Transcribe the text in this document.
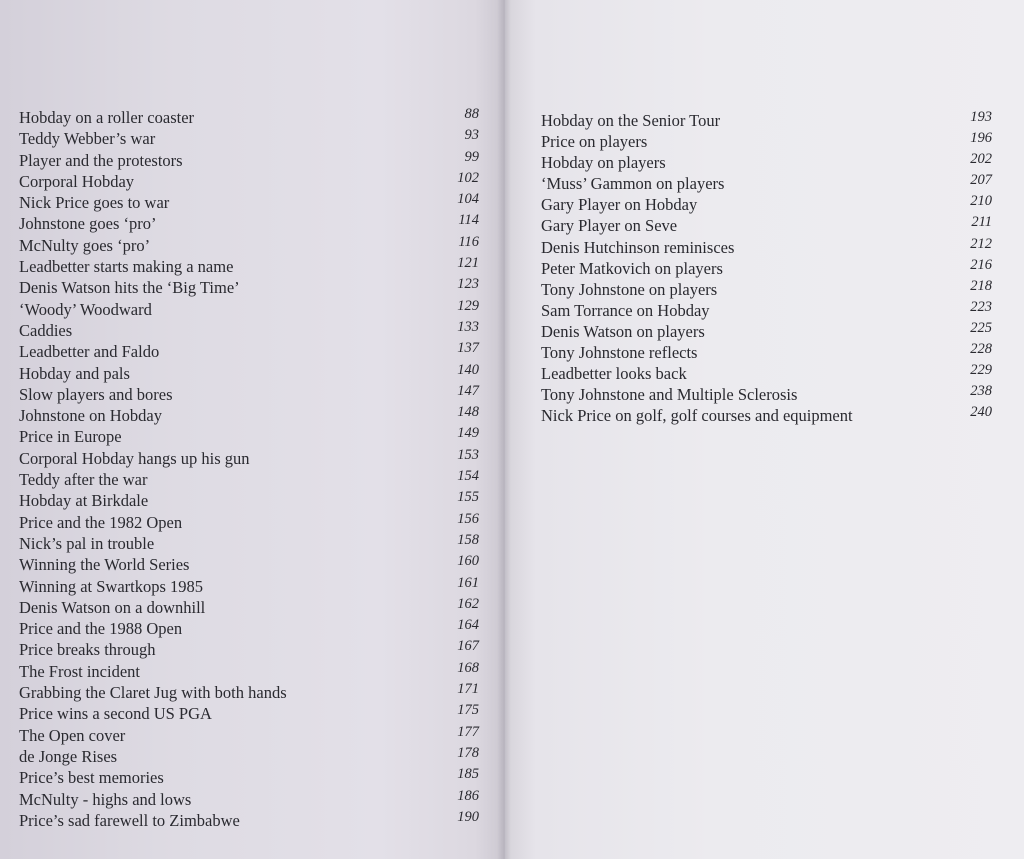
Hobday on a roller coaster	88
Teddy Webber’s war	93
Player and the protestors	99
Corporal Hobday	102
Nick Price goes to war	104
Johnstone goes ‘pro’	114
McNulty goes ‘pro’	116
Leadbetter starts making a name	121
Denis Watson hits the ‘Big Time’	123
‘Woody’ Woodward	129
Caddies	133
Leadbetter and Faldo	137
Hobday and pals	140
Slow players and bores	147
Johnstone on Hobday	148
Price in Europe	149
Corporal Hobday hangs up his gun	153
Teddy after the war	154
Hobday at Birkdale	155
Price and the 1982 Open	156
Nick’s pal in trouble	158
Winning the World Series	160
Winning at Swartkops 1985	161
Denis Watson on a downhill	162
Price and the 1988 Open	164
Price breaks through	167
The Frost incident	168
Grabbing the Claret Jug with both hands	171
Price wins a second US PGA	175
The Open cover	177
de Jonge Rises	178
Price’s best memories	185
McNulty - highs and lows	186
Price’s sad farewell to Zimbabwe	190
Hobday on the Senior Tour	193
Price on players	196
Hobday on players	202
‘Muss’ Gammon on players	207
Gary Player on Hobday	210
Gary Player on Seve	211
Denis Hutchinson reminisces	212
Peter Matkovich on players	216
Tony Johnstone on players	218
Sam Torrance on Hobday	223
Denis Watson on players	225
Tony Johnstone reflects	228
Leadbetter looks back	229
Tony Johnstone and Multiple Sclerosis	238
Nick Price on golf, golf courses and equipment	240
